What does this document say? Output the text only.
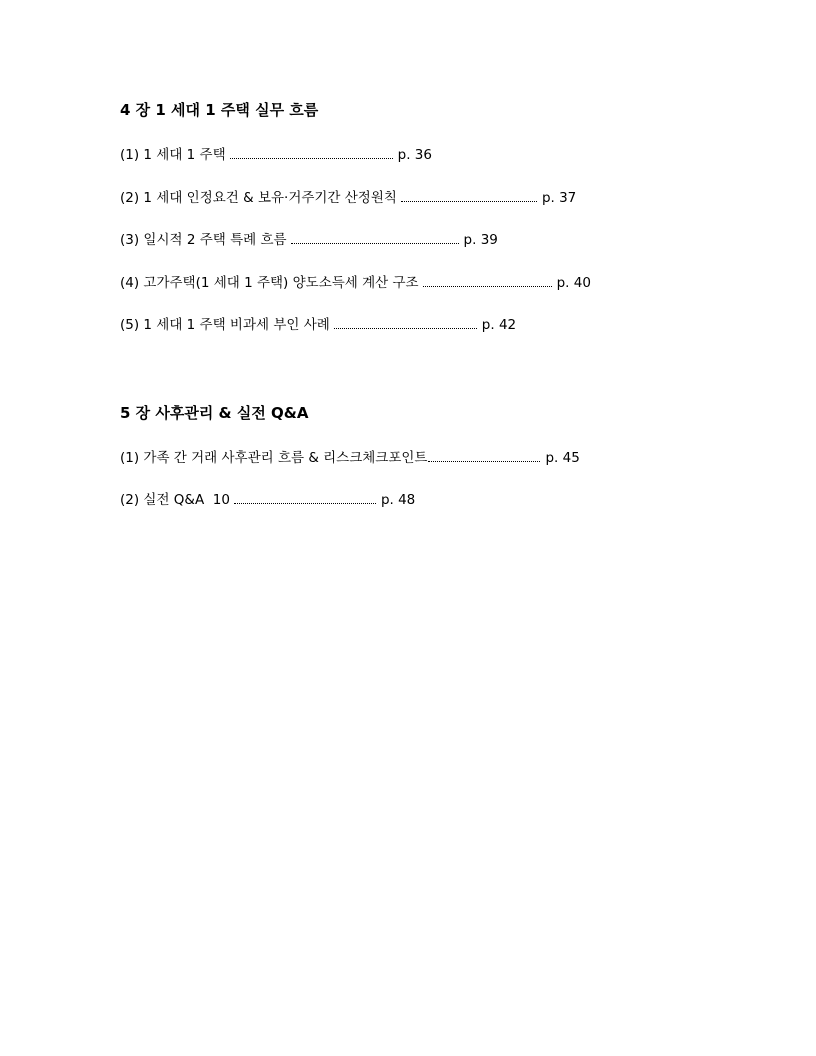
4 장 1 세대 1 주택 실무 흐름
(1) 1 세대 1 주택	p. 36
(2) 1 세대 인정요건 & 보유·거주기간 산정원칙	p. 37
(3) 일시적 2 주택 특례 흐름	p. 39
(4) 고가주택(1 세대 1 주택) 양도소득세 계산 구조	p. 40
(5) 1 세대 1 주택 비과세 부인 사례	p. 42
5 장 사후관리 & 실전 Q&A
(1) 가족 간 거래 사후관리 흐름 & 리스크체크포인트	p. 45
(2) 실전 Q&A  10	p. 48
